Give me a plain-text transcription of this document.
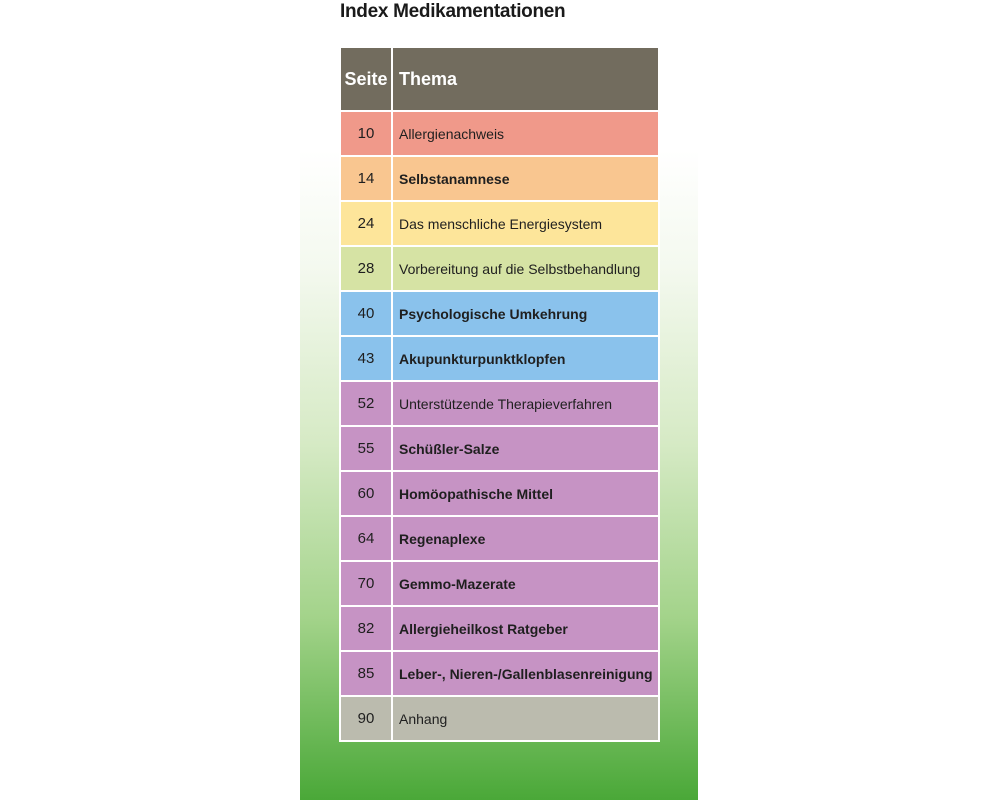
Index Medikamentationen
Seite	Thema
10	Allergienachweis
14	Selbstanamnese
24	Das menschliche Energiesystem
28	Vorbereitung auf die Selbstbehandlung
40	Psychologische Umkehrung
43	Akupunkturpunktklopfen
52	Unterstützende Therapieverfahren
55	Schüßler-Salze
60	Homöopathische Mittel
64	Regenaplexe
70	Gemmo-Mazerate
82	Allergieheilkost Ratgeber
85	Leber-, Nieren-/Gallenblasenreinigung
90	Anhang
